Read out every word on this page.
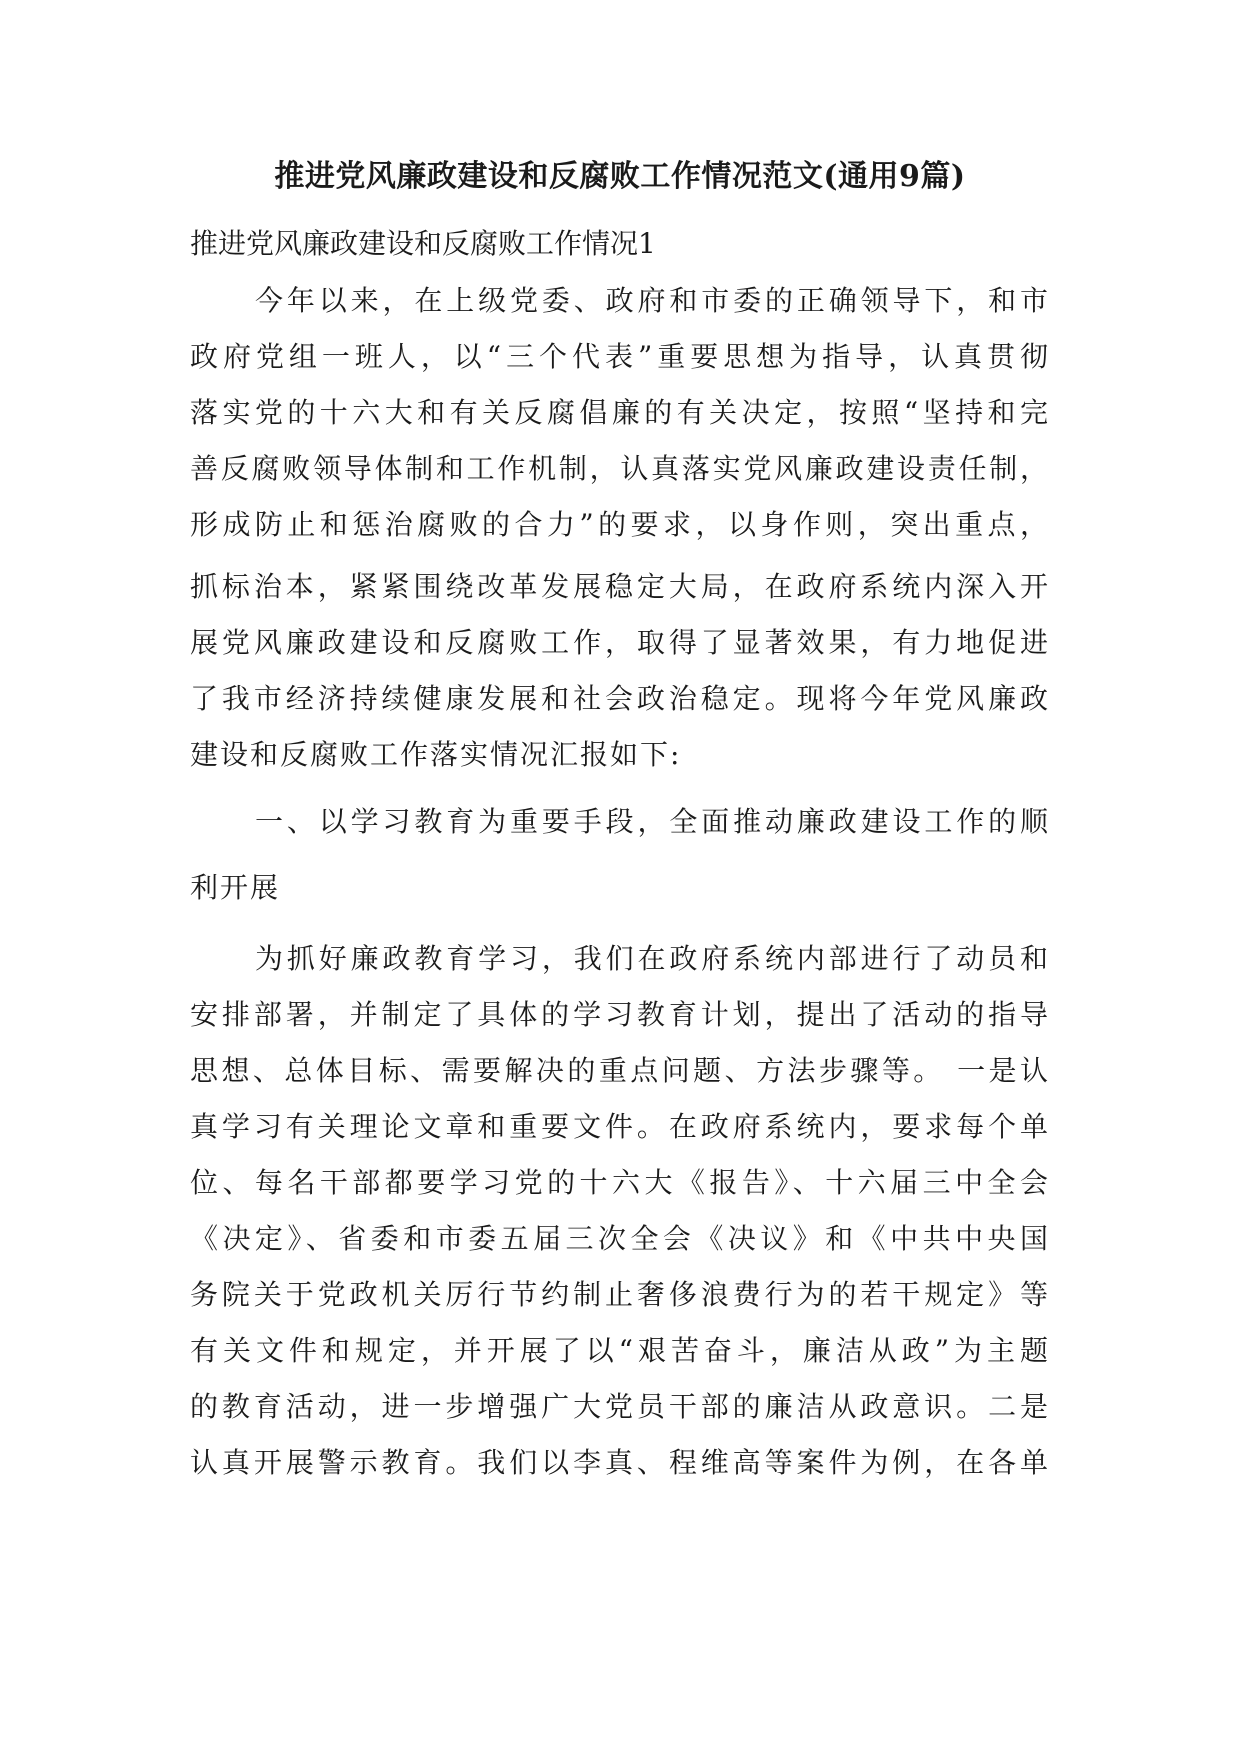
推进党风廉政建设和反腐败工作情况范文(通用9篇)
推进党风廉政建设和反腐败工作情况1
今年以来，在上级党委、政府和市委的正确领导下，和市
政府党组一班人，以“三个代表”重要思想为指导，认真贯彻
落实党的十六大和有关反腐倡廉的有关决定，按照“坚持和完
善反腐败领导体制和工作机制，认真落实党风廉政建设责任制，
形成防止和惩治腐败的合力”的要求，以身作则，突出重点，
抓标治本，紧紧围绕改革发展稳定大局，在政府系统内深入开
展党风廉政建设和反腐败工作，取得了显著效果，有力地促进
了我市经济持续健康发展和社会政治稳定。现将今年党风廉政
建设和反腐败工作落实情况汇报如下:
一、以学习教育为重要手段，全面推动廉政建设工作的顺
利开展
为抓好廉政教育学习，我们在政府系统内部进行了动员和
安排部署，并制定了具体的学习教育计划，提出了活动的指导
思想、总体目标、需要解决的重点问题、方法步骤等。 一是认
真学习有关理论文章和重要文件。在政府系统内，要求每个单
位、每名干部都要学习党的十六大《报告》、十六届三中全会
《决定》、省委和市委五届三次全会《决议》和《中共中央国
务院关于党政机关厉行节约制止奢侈浪费行为的若干规定》等
有关文件和规定，并开展了以“艰苦奋斗，廉洁从政”为主题
的教育活动，进一步增强广大党员干部的廉洁从政意识。二是
认真开展警示教育。我们以李真、程维高等案件为例，在各单
